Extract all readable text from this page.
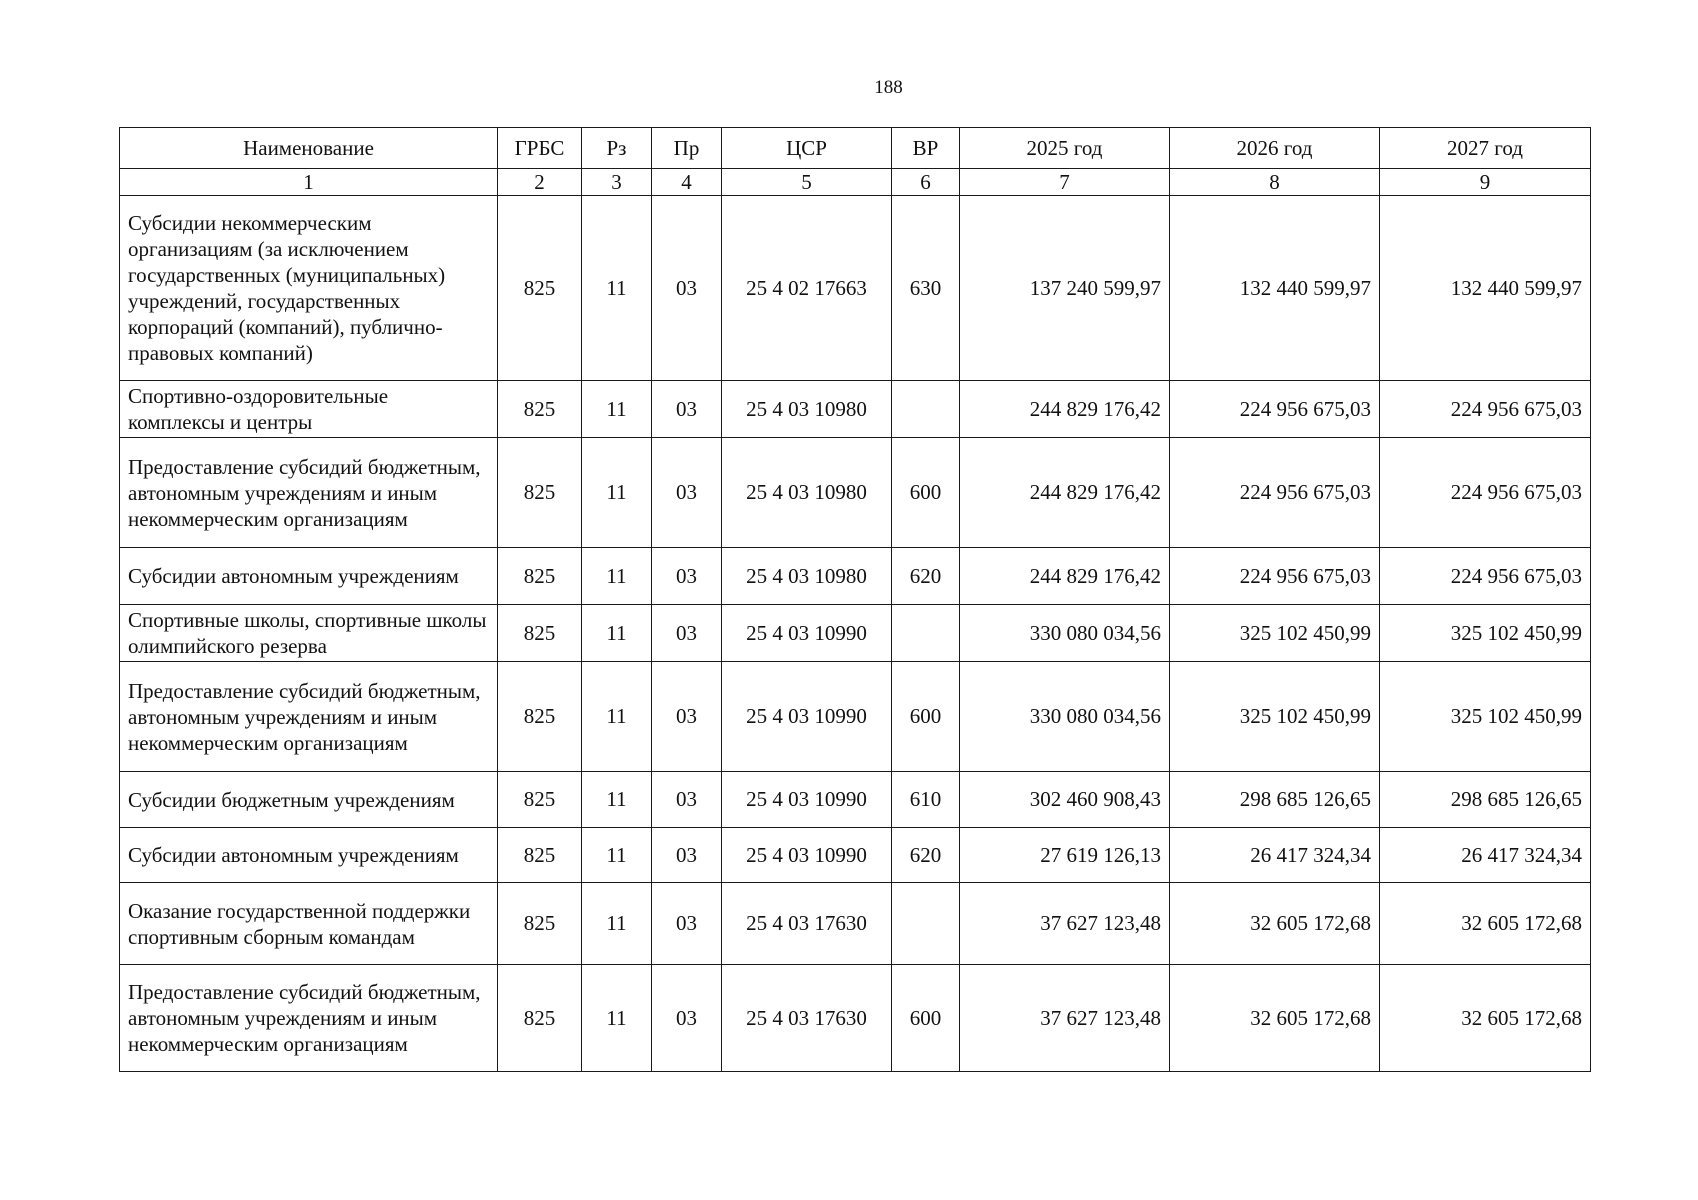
188
Наименование	ГРБС	Рз	Пр	ЦСР	ВР	2025 год	2026 год	2027 год
1	2	3	4	5	6	7	8	9
Субсидии некоммерческим организациям (за исключением государственных (муниципальных) учреждений, государственных корпораций (компаний), публично-правовых компаний)	825	11	03	25 4 02 17663	630	137 240 599,97	132 440 599,97	132 440 599,97
Спортивно-оздоровительные комплексы и центры	825	11	03	25 4 03 10980		244 829 176,42	224 956 675,03	224 956 675,03
Предоставление субсидий бюджетным, автономным учреждениям и иным некоммерческим организациям	825	11	03	25 4 03 10980	600	244 829 176,42	224 956 675,03	224 956 675,03
Субсидии автономным учреждениям	825	11	03	25 4 03 10980	620	244 829 176,42	224 956 675,03	224 956 675,03
Спортивные школы, спортивные школы олимпийского резерва	825	11	03	25 4 03 10990		330 080 034,56	325 102 450,99	325 102 450,99
Предоставление субсидий бюджетным, автономным учреждениям и иным некоммерческим организациям	825	11	03	25 4 03 10990	600	330 080 034,56	325 102 450,99	325 102 450,99
Субсидии бюджетным учреждениям	825	11	03	25 4 03 10990	610	302 460 908,43	298 685 126,65	298 685 126,65
Субсидии автономным учреждениям	825	11	03	25 4 03 10990	620	27 619 126,13	26 417 324,34	26 417 324,34
Оказание государственной поддержки спортивным сборным командам	825	11	03	25 4 03 17630		37 627 123,48	32 605 172,68	32 605 172,68
Предоставление субсидий бюджетным, автономным учреждениям и иным некоммерческим организациям	825	11	03	25 4 03 17630	600	37 627 123,48	32 605 172,68	32 605 172,68
